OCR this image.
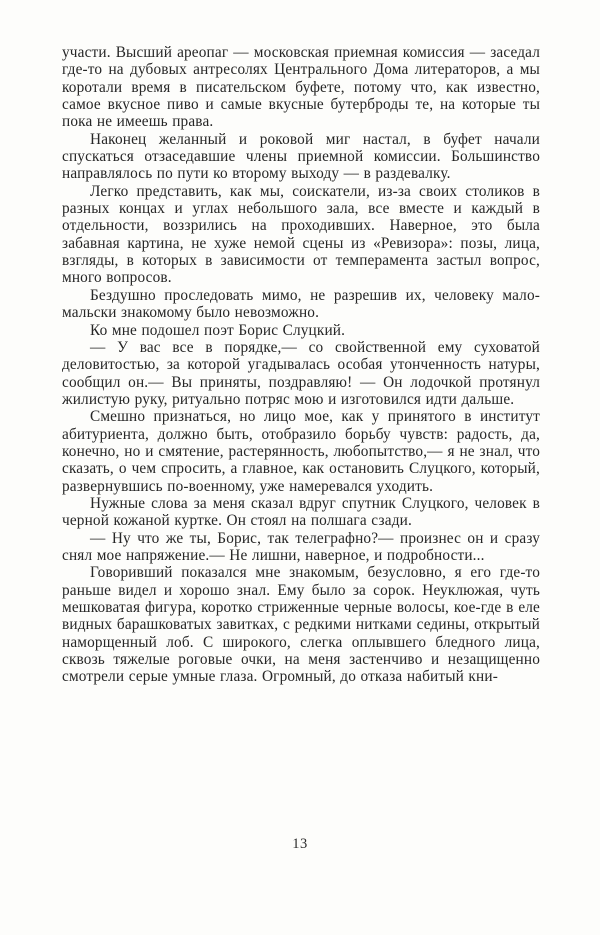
участи. Высший ареопаг — московская приемная комиссия — заседал где-то на дубовых антресолях Центрального Дома литераторов, а мы коротали время в писательском буфете, потому что, как известно, самое вкусное пиво и самые вкусные бутерброды те, на которые ты пока не имеешь права.

Наконец желанный и роковой миг настал, в буфет начали спускаться отзаседавшие члены приемной комиссии. Большинство направлялось по пути ко второму выходу — в раздевалку.

Легко представить, как мы, соискатели, из-за своих столиков в разных концах и углах небольшого зала, все вместе и каждый в отдельности, воззрились на проходивших. Наверное, это была забавная картина, не хуже немой сцены из «Ревизора»: позы, лица, взгляды, в которых в зависимости от темперамента застыл вопрос, много вопросов.

Бездушно проследовать мимо, не разрешив их, человеку мало-мальски знакомому было невозможно.

Ко мне подошел поэт Борис Слуцкий.

— У вас все в порядке,— со свойственной ему суховатой деловитостью, за которой угадывалась особая утонченность натуры, сообщил он.— Вы приняты, поздравляю! — Он лодочкой протянул жилистую руку, ритуально потряс мою и изготовился идти дальше.

Смешно признаться, но лицо мое, как у принятого в институт абитуриента, должно быть, отобразило борьбу чувств: радость, да, конечно, но и смятение, растерянность, любопытство,— я не знал, что сказать, о чем спросить, а главное, как остановить Слуцкого, который, развернувшись по-военному, уже намеревался уходить.

Нужные слова за меня сказал вдруг спутник Слуцкого, человек в черной кожаной куртке. Он стоял на полшага сзади.

— Ну что же ты, Борис, так телеграфно?— произнес он и сразу снял мое напряжение.— Не лишни, наверное, и подробности...

Говоривший показался мне знакомым, безусловно, я его где-то раньше видел и хорошо знал. Ему было за сорок. Неуклюжая, чуть мешковатая фигура, коротко стриженные черные волосы, кое-где в еле видных барашковатых завитках, с редкими нитками седины, открытый наморщенный лоб. С широкого, слегка оплывшего бледного лица, сквозь тяжелые роговые очки, на меня застенчиво и незащищенно смотрели серые умные глаза. Огромный, до отказа набитый кни-

13
